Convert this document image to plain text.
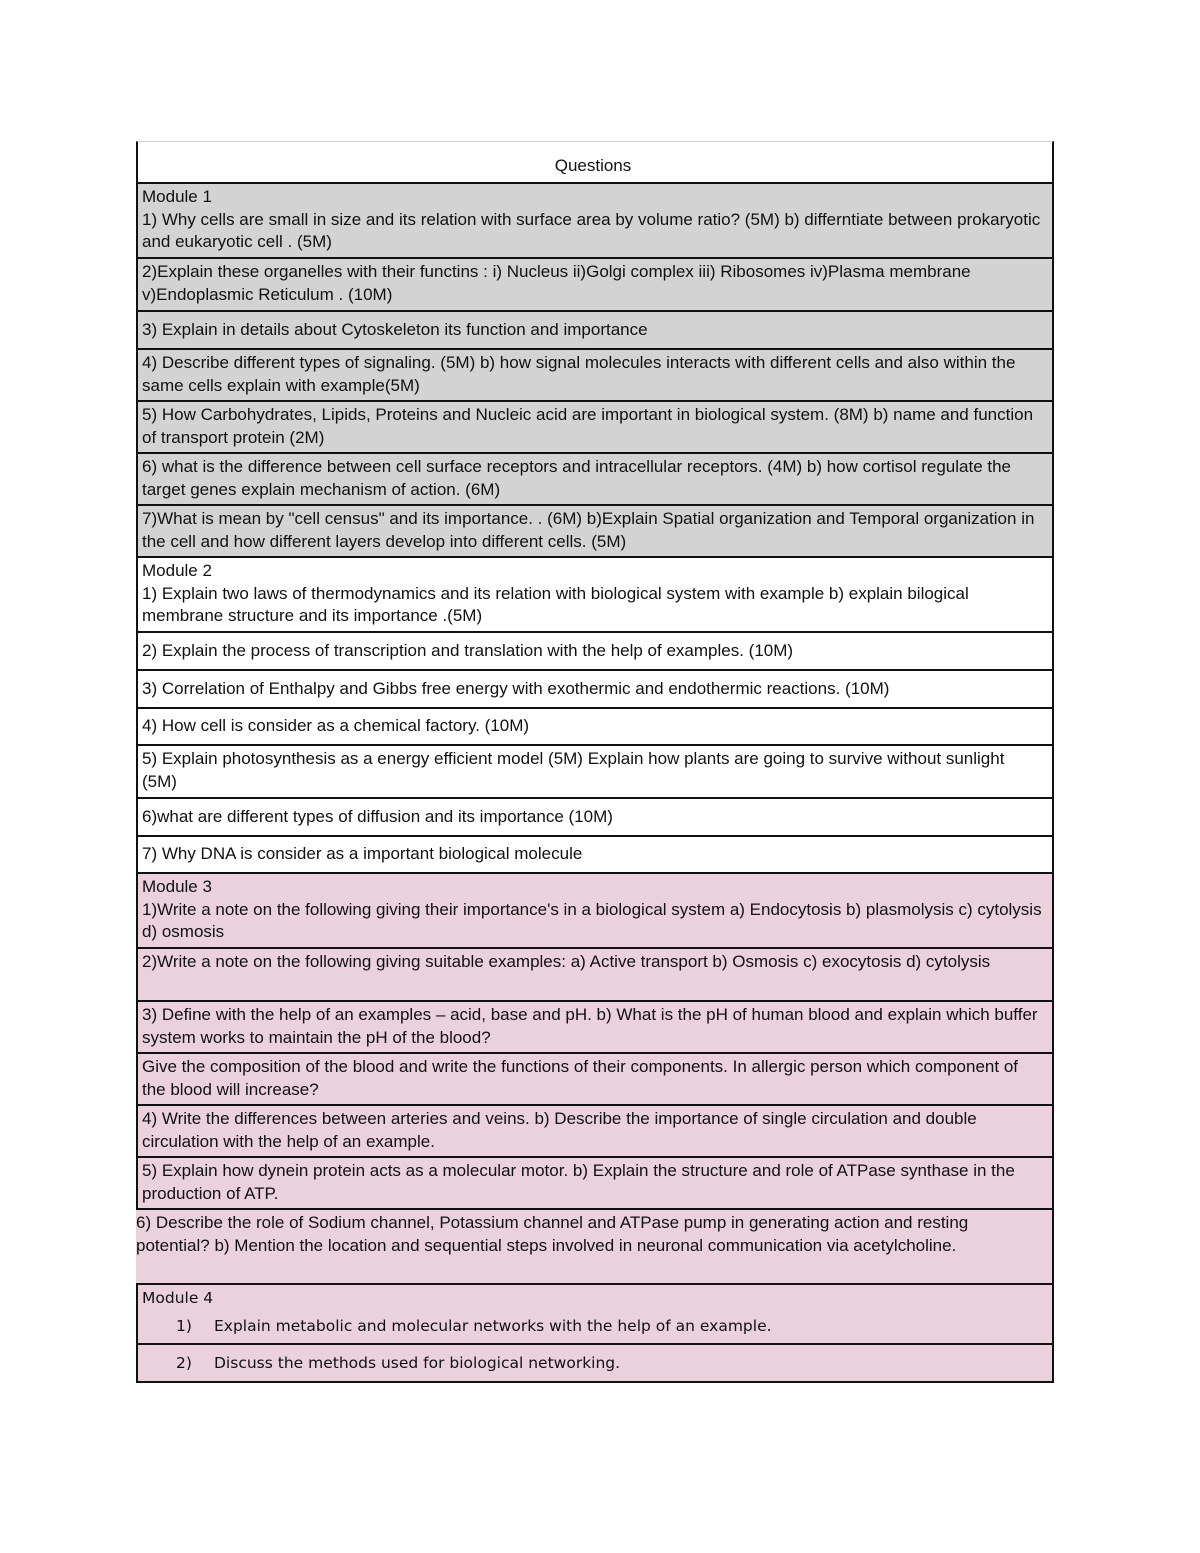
Questions
Module 1
1) Why cells are small in size and its relation with surface area by volume ratio? (5M) b) differntiate between prokaryotic and eukaryotic cell . (5M)
2)Explain these organelles with their functins : i) Nucleus ii)Golgi complex iii) Ribosomes iv)Plasma membrane v)Endoplasmic Reticulum . (10M)
3) Explain in details about Cytoskeleton its function and importance
4) Describe different types of signaling. (5M) b) how signal molecules interacts with different cells and also within the same cells explain with example(5M)
5) How Carbohydrates, Lipids, Proteins and Nucleic acid are important in biological system. (8M) b) name and function of transport protein (2M)
6) what is the difference between cell surface receptors and intracellular receptors. (4M) b) how cortisol regulate the target genes explain mechanism of action. (6M)
7)What is mean by "cell census" and its importance. . (6M) b)Explain Spatial organization and Temporal organization in the cell and how different layers develop into different cells. (5M)
Module 2
1) Explain two laws of thermodynamics and its relation with biological system with example b) explain bilogical membrane structure and its importance .(5M)
2) Explain the process of transcription and translation with the help of examples. (10M)
3) Correlation of Enthalpy and Gibbs free energy with exothermic and endothermic reactions. (10M)
4) How cell is consider as a chemical factory. (10M)
5) Explain photosynthesis as a energy efficient model (5M) Explain how plants are going to survive without sunlight (5M)
6)what are different types of diffusion and its importance (10M)
7) Why DNA is consider as a important biological molecule
Module 3
1)Write a note on the following giving their importance's in a biological system a) Endocytosis b) plasmolysis c) cytolysis d) osmosis
2)Write a note on the following giving suitable examples: a) Active transport b) Osmosis c) exocytosis d) cytolysis
3) Define with the help of an examples – acid, base and pH. b) What is the pH of human blood and explain which buffer system works to maintain the pH of the blood?
Give the composition of the blood and write the functions of their components. In allergic person which component of the blood will increase?
4) Write the differences between arteries and veins. b) Describe the importance of single circulation and double circulation with the help of an example.
5) Explain how dynein protein acts as a molecular motor. b) Explain the structure and role of ATPase synthase in the production of ATP.
6) Describe the role of Sodium channel, Potassium channel and ATPase pump in generating action and resting potential? b) Mention the location and sequential steps involved in neuronal communication via acetylcholine.
Module 4
1)	Explain metabolic and molecular networks with the help of an example.
2)	Discuss the methods used for biological networking.
